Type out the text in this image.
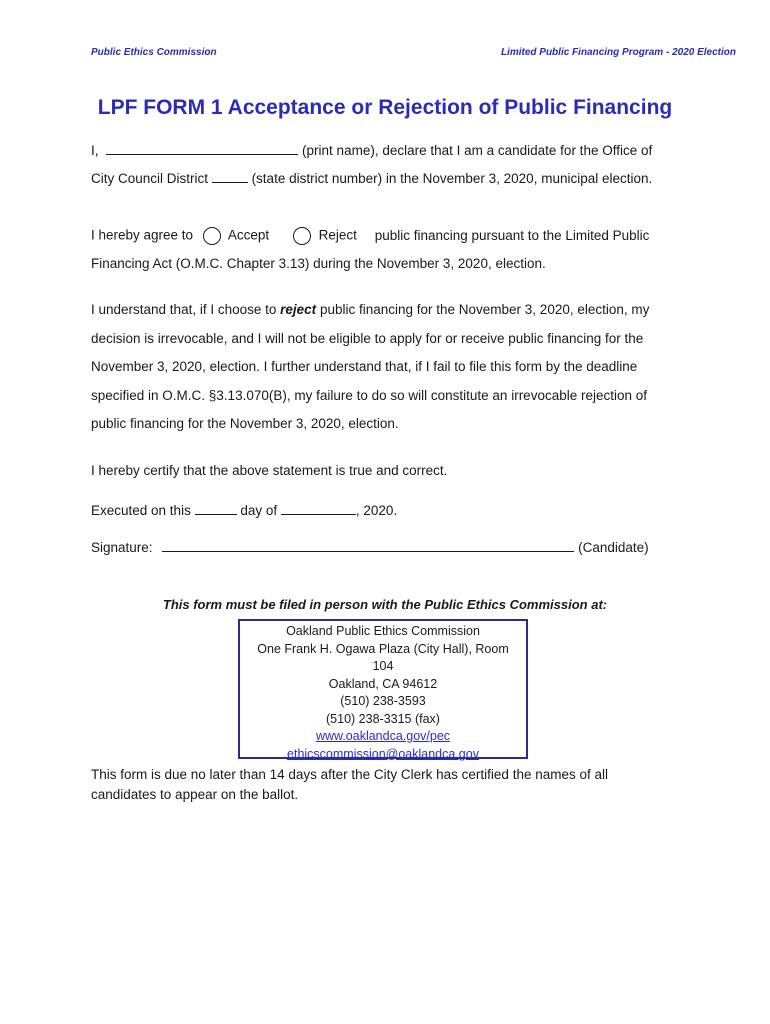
Public Ethics Commission	Limited Public Financing Program - 2020 Election
LPF FORM 1 Acceptance or Rejection of Public Financing
I,	(print name), declare that I am a candidate for the Office of
City Council District	(state district number) in the November 3, 2020, municipal election.
I hereby agree to	Accept	Reject public financing pursuant to the Limited Public
Financing Act (O.M.C. Chapter 3.13) during the November 3, 2020, election.
I understand that, if I choose to reject public financing for the November 3, 2020, election, my
decision is irrevocable, and I will not be eligible to apply for or receive public financing for the
November 3, 2020, election. I further understand that, if I fail to file this form by the deadline
specified in O.M.C. §3.13.070(B), my failure to do so will constitute an irrevocable rejection of
public financing for the November 3, 2020, election.
I hereby certify that the above statement is true and correct.
Executed on this	day of	, 2020.
Signature:	(Candidate)
This form must be filed in person with the Public Ethics Commission at:
Oakland Public Ethics Commission
One Frank H. Ogawa Plaza (City Hall), Room
104
Oakland, CA 94612
(510) 238-3593
(510) 238-3315 (fax)
www.oaklandca.gov/pec
ethicscommission@oaklandca.gov
This form is due no later than 14 days after the City Clerk has certified the names of all candidates to appear on the ballot.
